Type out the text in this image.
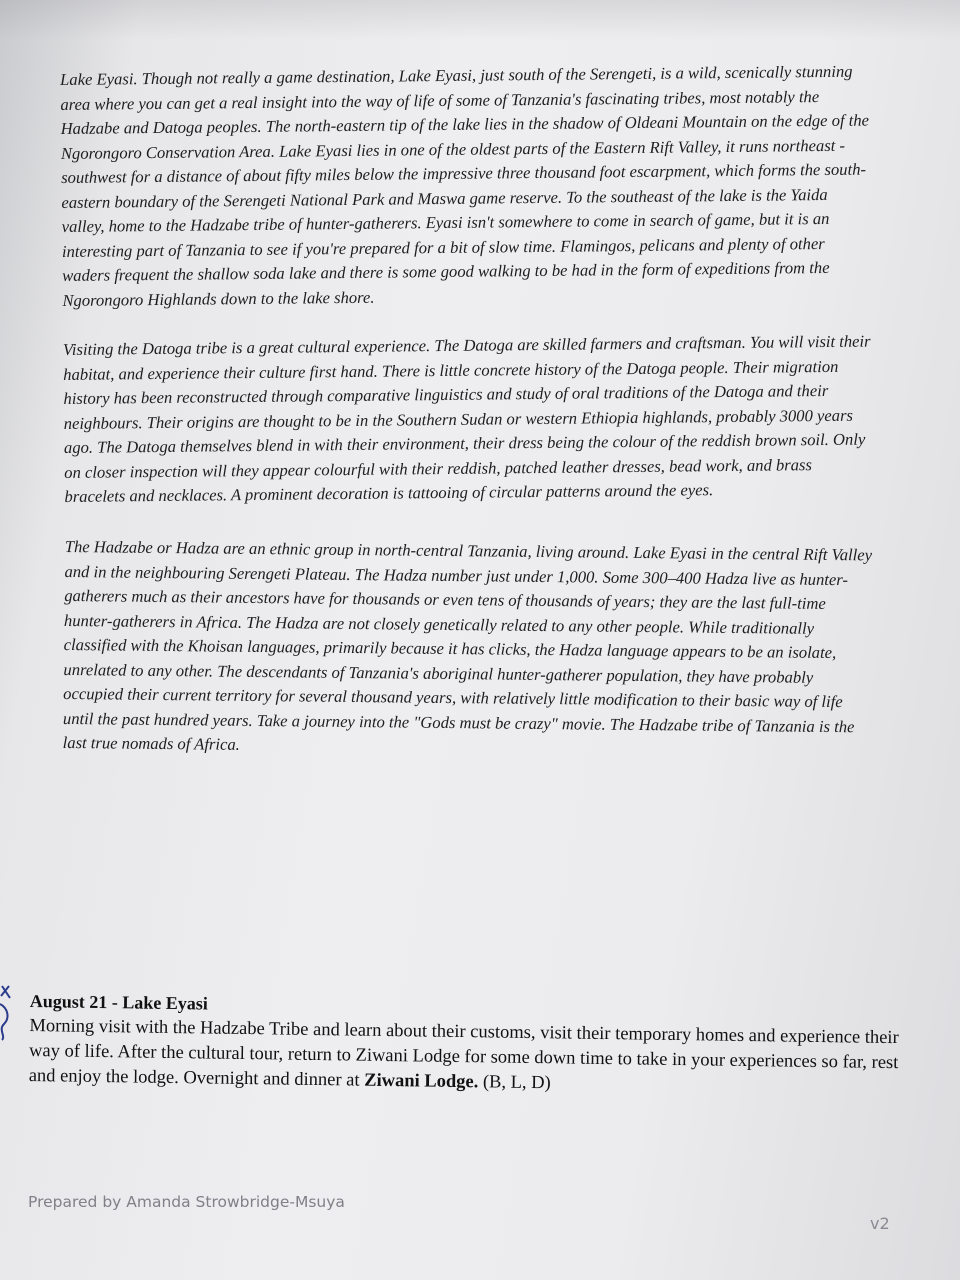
Lake Eyasi. Though not really a game destination, Lake Eyasi, just south of the Serengeti, is a wild, scenically stunning area where you can get a real insight into the way of life of some of Tanzania's fascinating tribes, most notably the Hadzabe and Datoga peoples. The north-eastern tip of the lake lies in the shadow of Oldeani Mountain on the edge of the Ngorongoro Conservation Area. Lake Eyasi lies in one of the oldest parts of the Eastern Rift Valley, it runs northeast - southwest for a distance of about fifty miles below the impressive three thousand foot escarpment, which forms the south-eastern boundary of the Serengeti National Park and Maswa game reserve. To the southeast of the lake is the Yaida valley, home to the Hadzabe tribe of hunter-gatherers. Eyasi isn't somewhere to come in search of game, but it is an interesting part of Tanzania to see if you're prepared for a bit of slow time. Flamingos, pelicans and plenty of other waders frequent the shallow soda lake and there is some good walking to be had in the form of expeditions from the Ngorongoro Highlands down to the lake shore.

Visiting the Datoga tribe is a great cultural experience. The Datoga are skilled farmers and craftsman. You will visit their habitat, and experience their culture first hand. There is little concrete history of the Datoga people. Their migration history has been reconstructed through comparative linguistics and study of oral traditions of the Datoga and their neighbours. Their origins are thought to be in the Southern Sudan or western Ethiopia highlands, probably 3000 years ago. The Datoga themselves blend in with their environment, their dress being the colour of the reddish brown soil. Only on closer inspection will they appear colourful with their reddish, patched leather dresses, bead work, and brass bracelets and necklaces. A prominent decoration is tattooing of circular patterns around the eyes.

The Hadzabe or Hadza are an ethnic group in north-central Tanzania, living around. Lake Eyasi in the central Rift Valley and in the neighbouring Serengeti Plateau. The Hadza number just under 1,000. Some 300–400 Hadza live as hunter-gatherers much as their ancestors have for thousands or even tens of thousands of years; they are the last full-time hunter-gatherers in Africa. The Hadza are not closely genetically related to any other people. While traditionally classified with the Khoisan languages, primarily because it has clicks, the Hadza language appears to be an isolate, unrelated to any other. The descendants of Tanzania's aboriginal hunter-gatherer population, they have probably occupied their current territory for several thousand years, with relatively little modification to their basic way of life until the past hundred years. Take a journey into the "Gods must be crazy" movie. The Hadzabe tribe of Tanzania is the last true nomads of Africa.

August 21 - Lake Eyasi

Morning visit with the Hadzabe Tribe and learn about their customs, visit their temporary homes and experience their way of life. After the cultural tour, return to Ziwani Lodge for some down time to take in your experiences so far, rest and enjoy the lodge. Overnight and dinner at Ziwani Lodge. (B, L, D)

Prepared by Amanda Strowbridge-Msuya
v2
